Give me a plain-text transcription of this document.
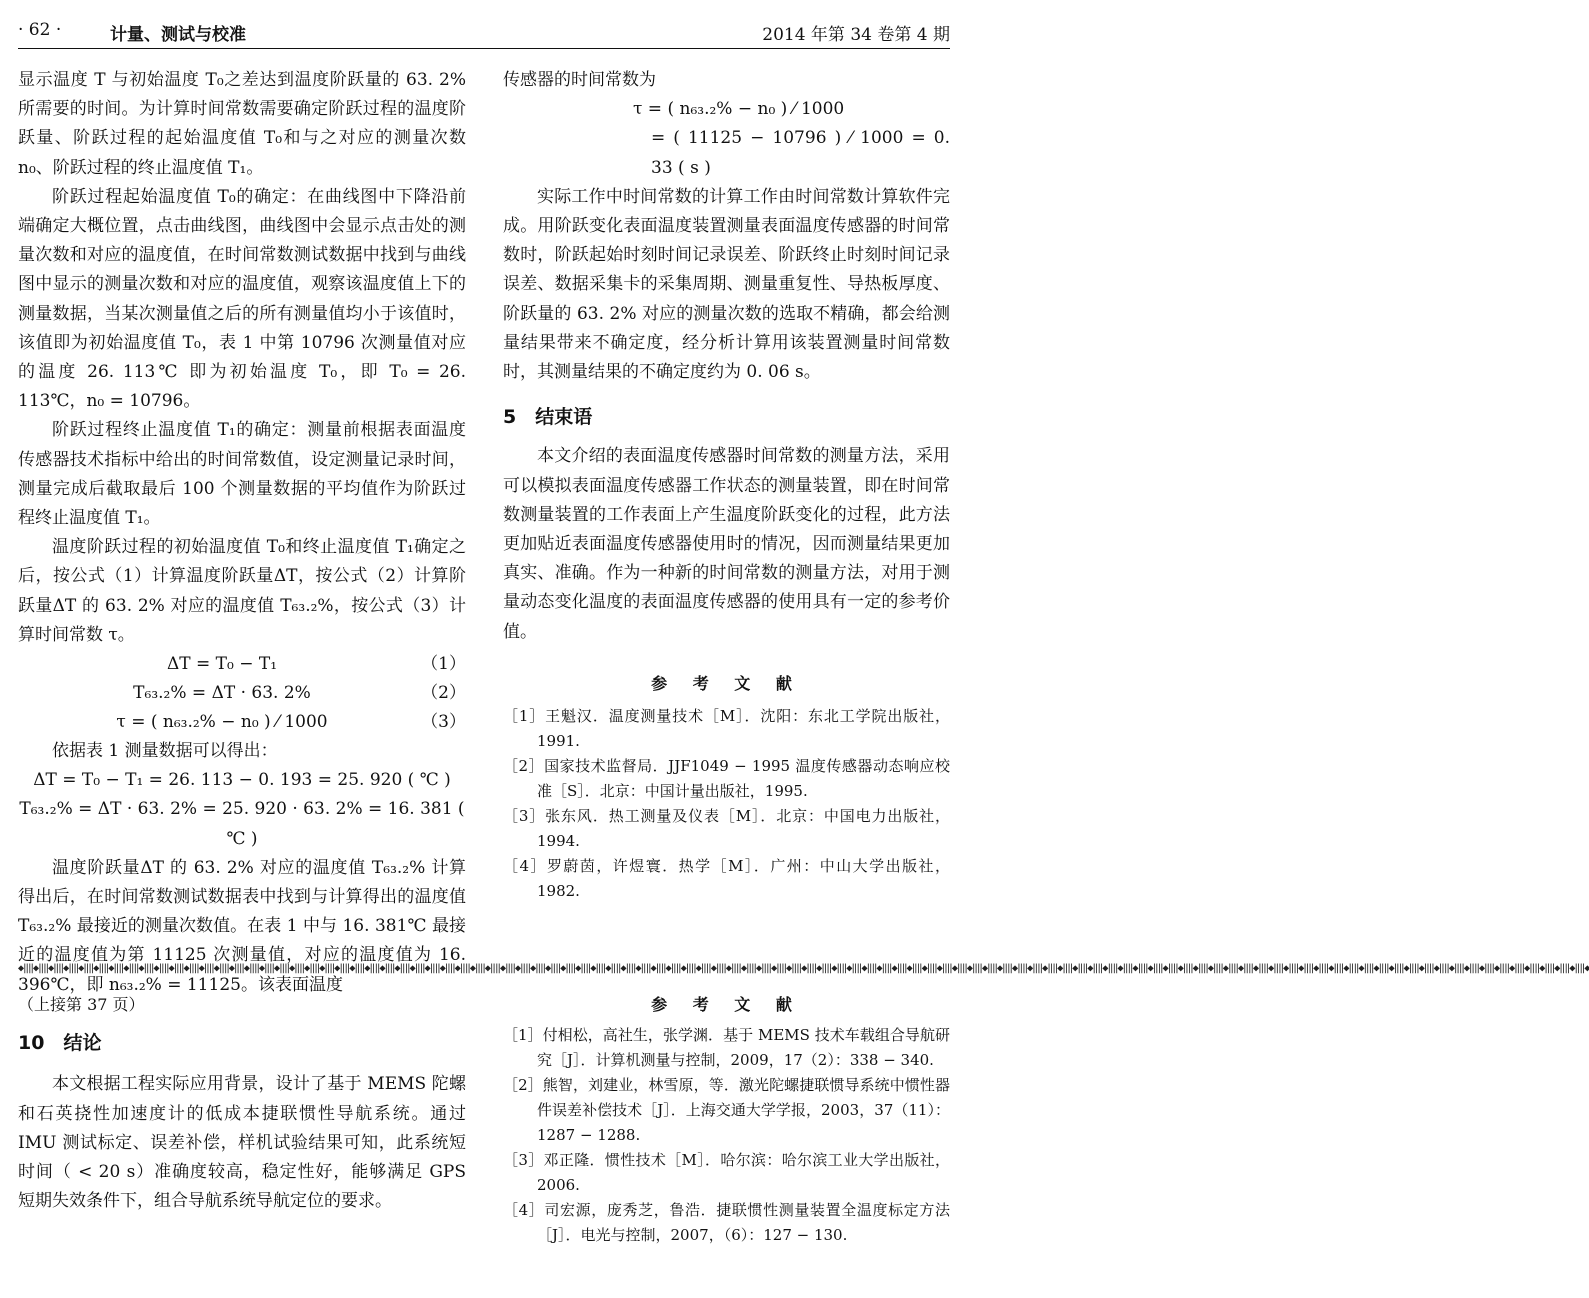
· 62 ·	计量、测试与校准	2014 年第 34 卷第 4 期

显示温度 T 与初始温度 T₀之差达到温度阶跃量的 63. 2% 所需要的时间。为计算时间常数需要确定阶跃过程的温度阶跃量、阶跃过程的起始温度值 T₀和与之对应的测量次数 n₀、阶跃过程的终止温度值 T₁。

阶跃过程起始温度值 T₀的确定：在曲线图中下降沿前端确定大概位置，点击曲线图，曲线图中会显示点击处的测量次数和对应的温度值，在时间常数测试数据中找到与曲线图中显示的测量次数和对应的温度值，观察该温度值上下的测量数据，当某次测量值之后的所有测量值均小于该值时，该值即为初始温度值 T₀，表 1 中第 10796 次测量值对应的温度 26. 113℃ 即为初始温度 T₀，即 T₀ = 26. 113℃，n₀ = 10796。

阶跃过程终止温度值 T₁的确定：测量前根据表面温度传感器技术指标中给出的时间常数值，设定测量记录时间，测量完成后截取最后 100 个测量数据的平均值作为阶跃过程终止温度值 T₁。

温度阶跃过程的初始温度值 T₀和终止温度值 T₁确定之后，按公式（1）计算温度阶跃量ΔT，按公式（2）计算阶跃量ΔT 的 63. 2% 对应的温度值 T₆₃.₂%，按公式（3）计算时间常数 τ。

ΔT = T₀ − T₁	（1）
T₆₃.₂% = ΔT · 63. 2%	（2）
τ = ( n₆₃.₂% − n₀ ) ⁄ 1000	（3）

依据表 1 测量数据可以得出：

ΔT = T₀ − T₁ = 26. 113 − 0. 193 = 25. 920 ( ℃ )

T₆₃.₂% = ΔT · 63. 2% = 25. 920 · 63. 2% = 16. 381 ( ℃ )

温度阶跃量ΔT 的 63. 2% 对应的温度值 T₆₃.₂% 计算得出后，在时间常数测试数据表中找到与计算得出的温度值 T₆₃.₂% 最接近的测量次数值。在表 1 中与 16. 381℃ 最接近的温度值为第 11125 次测量值，对应的温度值为 16. 396℃，即 n₆₃.₂% = 11125。该表面温度

传感器的时间常数为

τ = ( n₆₃.₂% − n₀ ) ⁄ 1000

= ( 11125 − 10796 ) ⁄ 1000 = 0. 33 ( s )

实际工作中时间常数的计算工作由时间常数计算软件完成。用阶跃变化表面温度装置测量表面温度传感器的时间常数时，阶跃起始时刻时间记录误差、阶跃终止时刻时间记录误差、数据采集卡的采集周期、测量重复性、导热板厚度、阶跃量的 63. 2% 对应的测量次数的选取不精确，都会给测量结果带来不确定度，经分析计算用该装置测量时间常数时，其测量结果的不确定度约为 0. 06 s。

5　结束语

本文介绍的表面温度传感器时间常数的测量方法，采用可以模拟表面温度传感器工作状态的测量装置，即在时间常数测量装置的工作表面上产生温度阶跃变化的过程，此方法更加贴近表面温度传感器使用时的情况，因而测量结果更加真实、准确。作为一种新的时间常数的测量方法，对用于测量动态变化温度的表面温度传感器的使用具有一定的参考价值。

参 考 文 献

［1］王魁汉．温度测量技术［M］．沈阳：东北工学院出版社，1991.

［2］国家技术监督局．JJF1049 − 1995 温度传感器动态响应校准［S］．北京：中国计量出版社，1995.

［3］张东风．热工测量及仪表［M］．北京：中国电力出版社，1994.

［4］罗蔚茵，许煜寰．热学［M］．广州：中山大学出版社，1982.

◆‖‖◆‖‖◆‖‖◆‖‖◆‖‖◆‖‖◆‖‖◆‖‖◆‖‖◆‖‖◆‖‖◆‖‖◆‖‖◆‖‖◆‖‖◆‖‖◆‖‖◆‖‖◆‖‖◆‖‖◆‖‖◆‖‖◆‖‖◆‖‖◆‖‖◆‖‖◆‖‖◆‖‖◆‖‖◆‖‖◆‖‖◆‖‖◆‖‖◆‖‖◆‖‖◆‖‖◆‖‖◆‖‖◆‖‖◆‖‖◆‖‖◆‖‖◆‖‖◆‖‖◆‖‖◆‖‖◆‖‖◆‖‖◆‖‖◆‖‖◆‖‖◆‖‖◆‖‖◆‖‖◆‖‖◆‖‖◆‖‖◆‖‖◆‖‖◆‖‖◆‖‖◆‖‖◆‖‖◆‖‖◆‖‖◆‖‖◆‖‖◆‖‖◆‖‖◆‖‖◆‖‖◆‖‖◆‖‖◆‖‖◆‖‖◆‖‖◆‖‖◆‖‖◆‖‖◆‖‖◆‖‖◆‖‖◆‖‖◆‖‖◆‖‖◆‖‖◆‖‖◆‖‖◆‖‖◆‖‖◆‖‖◆‖‖◆‖‖◆‖‖◆‖‖◆‖‖◆‖‖◆‖‖◆‖‖◆‖‖◆‖‖◆‖‖◆‖‖◆‖‖◆

（上接第 37 页）

10　结论

本文根据工程实际应用背景，设计了基于 MEMS 陀螺和石英挠性加速度计的低成本捷联惯性导航系统。通过 IMU 测试标定、误差补偿，样机试验结果可知，此系统短时间（ < 20 s）准确度较高，稳定性好，能够满足 GPS 短期失效条件下，组合导航系统导航定位的要求。

参 考 文 献

［1］付相松，高社生，张学渊．基于 MEMS 技术车载组合导航研究［J］．计算机测量与控制，2009，17（2）：338 − 340.

［2］熊智，刘建业，林雪原，等．激光陀螺捷联惯导系统中惯性器件误差补偿技术［J］．上海交通大学学报，2003，37（11）：1287 − 1288.

［3］邓正隆．惯性技术［M］．哈尔滨：哈尔滨工业大学出版社，2006.

［4］司宏源，庞秀芝，鲁浩．捷联惯性测量装置全温度标定方法［J］．电光与控制，2007，（6）：127 − 130.
